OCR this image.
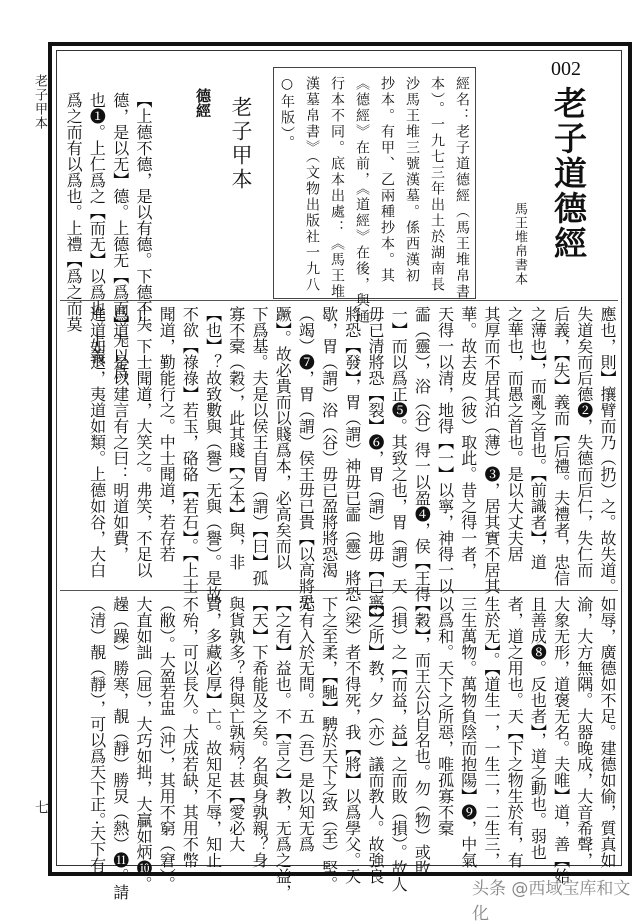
老子甲本
七
002
老子道德經
馬王堆帛書本
經名：老子道德經（馬王堆帛書
本）。一九七三年出土於湖南長
沙馬王堆三號漢墓。係西漢初
抄本。有甲、乙兩種抄本。其
《德經》在前，《道經》在後，與通
行本不同。底本出處：《馬王堆
漢墓帛書》（文物出版社一九八
○年版）。
老子甲本
德經
【上德不德，是以有德。下德不失
德，是以无】德。上德无【爲而】无以爲
也❶。上仁爲之【而无】以爲也。上義
爲之而有以爲也。上禮【爲之而莫
應也，則】攘臂而乃（扔）之。故失道。
失道矣而后德❷，失德而后仁，失仁而
后義，【失】義而【后禮。夫禮者，忠信
之薄也】，而亂之首也。【前識者】，道
之華也，而愚之首也。是以大丈夫居
其厚而不居其泊（薄）❸，居其實不居其
華。故去皮（彼）取此。昔之得一者，
天得一以清，地得【一】以寧，神得一以
霝（靈），浴（谷）得一以盈❹，侯【王得
一】而以爲正❺。其致之也，胃（謂）天
毋已清將恐【裂】❻，胃（謂）地毋【已寧】
將恐【發】，胃（謂）神毋已霝（靈）將恐
歇，胃（謂）浴（谷）毋已盈將將恐渴
（竭）❼，胃（謂）侯王毋已貴【以高將恐
蹶】。故必貴而以賤爲本，必高矣而以
下爲基。夫是以侯王自胃（謂）【曰】孤
寡不槖（穀），此其賤【之本】與，非
【也】？故致數與（譽）无與（譽）。是故
不欲【祿祿】若玉，硌硌【若石】。【上士
聞道，勤能行之。中士聞道，若存若
亡。下士聞道，大笑之。弗笑，不足以
爲道。是以建言有之曰：明道如費，
進道如退，夷道如類。上德如谷，大白
如辱，廣德如不足。建德如偷，質真如
渝，大方無隅。大器晚成，大音希聲，
大象无形，道褒无名。夫唯】道，善【始
且善成❽。反也者】，道之動也。弱也
者，道之用也。天【下之物生於有，有
生於无】。【道生一，一生二，二生三，
三生萬物。萬物負陰而抱陽】❾，中氣
以爲和。天下之所惡，唯孤寡不槖
【穀】，而王公以自名也。勿（物）或敗
（損）之【而益，益】之而敗（損）。故人
【之所】教，夕（亦）議而教人。故強良
（梁）者不得死，我【將】以爲學父。天
下之至柔，【馳】騁於天下之致（至）堅。
无有入於无間。五（吾）是以知无爲
【之有】益也。不【言之】教，无爲之益，
【天】下希能及之矣。名與身孰親？身
與貨孰多？得與亡孰病？甚【愛必大
費，多藏必厚】亡。故知足不辱，知止
不殆，可以長久。大成若缺，其用不幣
（敝）。大盈若盅（沖），其用不窮（窘）。
大直如詘（屈），大巧如拙，大贏如炳❿。
趮（躁）勝寒，靚（靜）勝炅（熱）⓫。請
（清）靚（靜），可以爲天下正。·天下有
头条 @西域宝库和文化
